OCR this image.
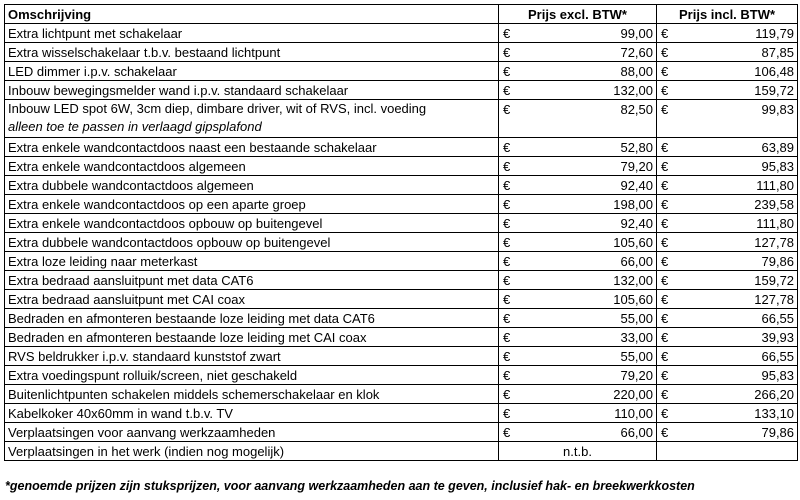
Omschrijving	Prijs excl. BTW*		Prijs incl. BTW*	
Extra lichtpunt met schakelaar	€	99,00	€	119,79
Extra wisselschakelaar t.b.v. bestaand lichtpunt	€	72,60	€	87,85
LED dimmer i.p.v. schakelaar	€	88,00	€	106,48
Inbouw bewegingsmelder wand i.p.v. standaard schakelaar	€	132,00	€	159,72
Inbouw LED spot 6W, 3cm diep, dimbare driver, wit of RVS, incl. voeding
alleen toe te passen in verlaagd gipsplafond	€	82,50	€	99,83
Extra enkele wandcontactdoos naast een bestaande schakelaar	€	52,80	€	63,89
Extra enkele wandcontactdoos algemeen	€	79,20	€	95,83
Extra dubbele wandcontactdoos algemeen	€	92,40	€	111,80
Extra enkele wandcontactdoos op een aparte groep	€	198,00	€	239,58
Extra enkele wandcontactdoos opbouw op buitengevel	€	92,40	€	111,80
Extra dubbele wandcontactdoos opbouw op buitengevel	€	105,60	€	127,78
Extra loze leiding naar meterkast	€	66,00	€	79,86
Extra bedraad aansluitpunt met data CAT6	€	132,00	€	159,72
Extra bedraad aansluitpunt met CAI coax	€	105,60	€	127,78
Bedraden en afmonteren bestaande loze leiding met data CAT6	€	55,00	€	66,55
Bedraden en afmonteren bestaande loze leiding met CAI coax	€	33,00	€	39,93
RVS beldrukker i.p.v. standaard kunststof zwart	€	55,00	€	66,55
Extra voedingspunt rolluik/screen, niet geschakeld	€	79,20	€	95,83
Buitenlichtpunten schakelen middels schemerschakelaar en klok	€	220,00	€	266,20
Kabelkoker 40x60mm in wand t.b.v. TV	€	110,00	€	133,10
Verplaatsingen voor aanvang werkzaamheden	€	66,00	€	79,86
Verplaatsingen in het werk (indien nog mogelijk)	n.t.b.			
*genoemde prijzen zijn stuksprijzen, voor aanvang werkzaamheden aan te geven, inclusief hak- en breekwerkkosten
